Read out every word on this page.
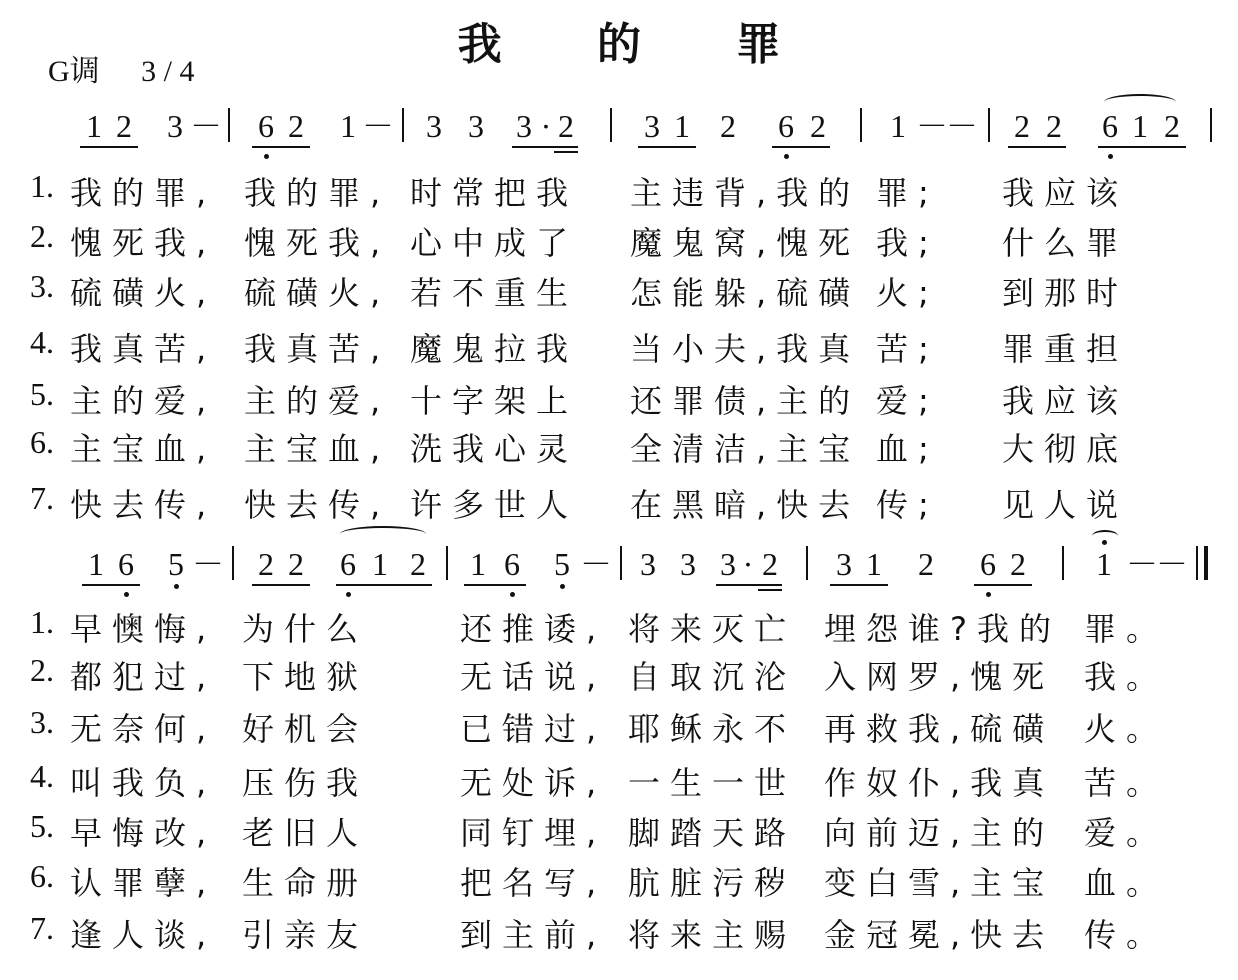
我 的 罪
G调 3 / 4
1 2 3 － 6 2 1 － 3 3 3 · 2 3 1 2 6 2 1 －
－ 2 2 6 1 2
1. 我的罪, 我的罪, 时常把我 主违背,我的 罪; 我应该
2. 愧死我, 愧死我, 心中成了 魔鬼窝,愧死 我; 什么罪
3. 硫磺火, 硫磺火, 若不重生 怎能躲,硫磺 火; 到那时
4. 我真苦, 我真苦, 魔鬼拉我 当小夫,我真 苦; 罪重担
5. 主的爱, 主的爱, 十字架上 还罪债,主的 爱; 我应该
6. 主宝血, 主宝血, 洗我心灵 全清洁,主宝 血; 大彻底
7. 快去传, 快去传, 许多世人 在黑暗,快去 传; 见人说
1 6 5 － 2 2 6 1 2 1 6 5 － 3 3 3 · 2 3 1 2 6 2 1 －
－
1. 早懊悔, 为什么	还推诿, 将来灭亡 埋怨谁?我的 罪。
2. 都犯过, 下地狱	无话说, 自取沉沦 入网罗,愧死 我。
3. 无奈何, 好机会	已错过, 耶稣永不 再救我,硫磺 火。
4. 叫我负, 压伤我	无处诉, 一生一世 作奴仆,我真 苦。
5. 早悔改, 老旧人	同钉埋, 脚踏天路 向前迈,主的 爱。
6. 认罪孽, 生命册	把名写, 肮脏污秽 变白雪,主宝 血。
7. 逢人谈, 引亲友	到主前, 将来主赐 金冠冕,快去 传。
